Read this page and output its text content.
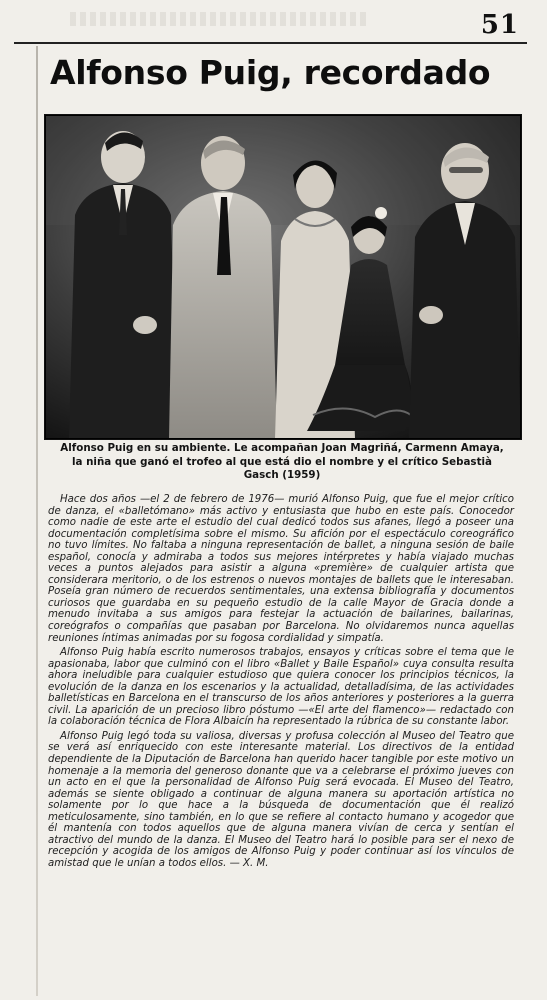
51
Alfonso Puig, recordado

Alfonso Puig en su ambiente. Le acompañan Joan Magriñá, Carmenn Amaya,
la niña que ganó el trofeo al que está dio el nombre y el crítico Sebastià
Gasch (1959)

Hace dos años —el 2 de febrero de 1976— murió Alfonso Puig, que fue el mejor crítico de danza, el «balletómano» más activo y entusiasta que hubo en este país. Conocedor como nadie de este arte el estudio del cual dedicó todos sus afanes, llegó a poseer una documentación completísima sobre el mismo. Su afición por el espectáculo coreográfico no tuvo límites. No faltaba a ninguna representación de ballet, a ninguna sesión de baile español, conocía y admiraba a todos sus mejores intérpretes y había viajado muchas veces a puntos alejados para asistir a alguna «première» de cualquier artista que considerara meritorio, o de los estrenos o nuevos montajes de ballets que le interesaban. Poseía gran número de recuerdos sentimentales, una extensa bibliografía y documentos curiosos que guardaba en su pequeño estudio de la calle Mayor de Gracia donde a menudo invitaba a sus amigos para festejar la actuación de bailarines, bailarinas, coreógrafos o compañías que pasaban por Barcelona. No olvidaremos nunca aquellas reuniones íntimas animadas por su fogosa cordialidad y simpatía.

Alfonso Puig había escrito numerosos trabajos, ensayos y críticas sobre el tema que le apasionaba, labor que culminó con el libro «Ballet y Baile Español» cuya consulta resulta ahora ineludible para cualquier estudioso que quiera conocer los principios técnicos, la evolución de la danza en los escenarios y la actualidad, detalladísima, de las actividades balletísticas en Barcelona en el transcurso de los años anteriores y posteriores a la guerra civil. La aparición de un precioso libro póstumo —«El arte del flamenco»— redactado con la colaboración técnica de Flora Albaicín ha representado la rúbrica de su constante labor.

Alfonso Puig legó toda su valiosa, diversas y profusa colección al Museo del Teatro que se verá así enriquecido con este interesante material. Los directivos de la entidad dependiente de la Diputación de Barcelona han querido hacer tangible por este motivo un homenaje a la memoria del generoso donante que va a celebrarse el próximo jueves con un acto en el que la personalidad de Alfonso Puig será evocada. El Museo del Teatro, además se siente obligado a continuar de alguna manera su aportación artística no solamente por lo que hace a la búsqueda de documentación que él realizó meticulosamente, sino también, en lo que se refiere al contacto humano y acogedor que él mantenía con todos aquellos que de alguna manera vivían de cerca y sentían el atractivo del mundo de la danza. El Museo del Teatro hará lo posible para ser el nexo de recepción y acogida de los amigos de Alfonso Puig y poder continuar así los vínculos de amistad que le unían a todos ellos. — X. M.
